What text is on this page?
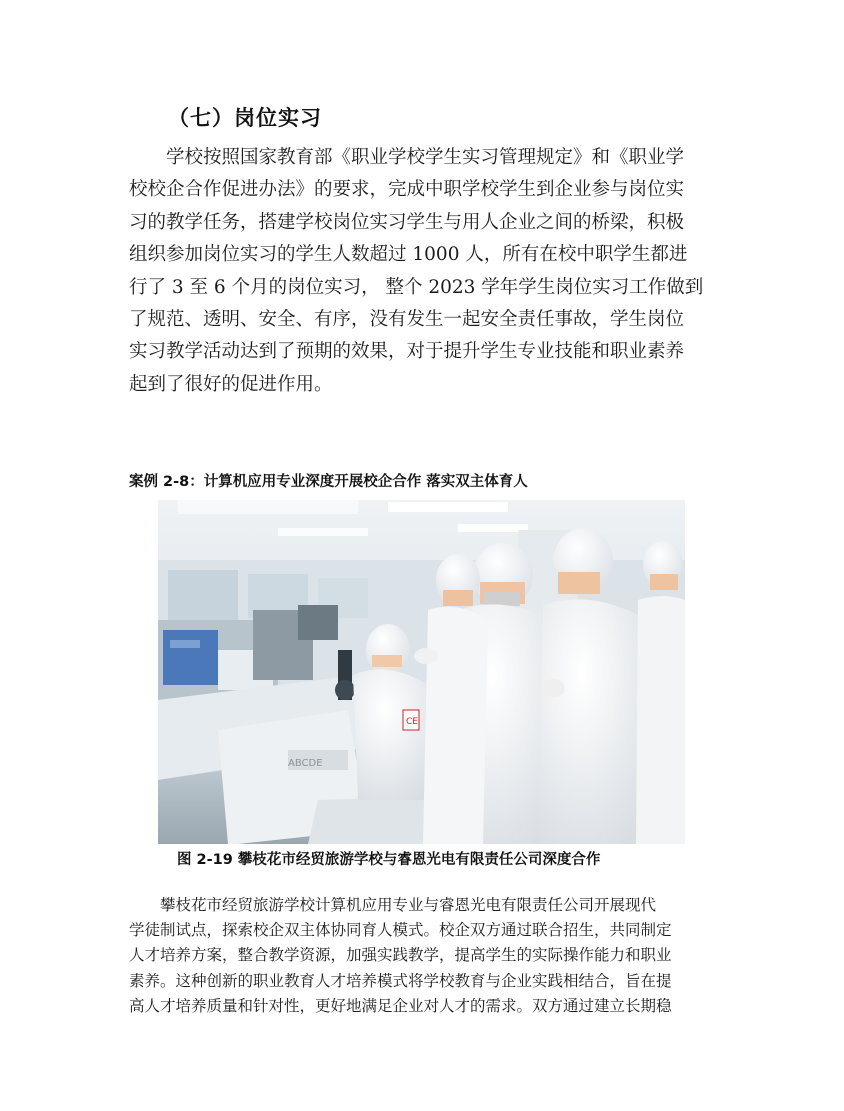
（七）岗位实习
学校按照国家教育部《职业学校学生实习管理规定》和《职业学
校校企合作促进办法》的要求，完成中职学校学生到企业参与岗位实
习的教学任务，搭建学校岗位实习学生与用人企业之间的桥梁，积极
组织参加岗位实习的学生人数超过 1000 人，所有在校中职学生都进
行了 3 至 6 个月的岗位实习， 整个 2023 学年学生岗位实习工作做到
了规范、透明、安全、有序，没有发生一起安全责任事故，学生岗位
实习教学活动达到了预期的效果，对于提升学生专业技能和职业素养
起到了很好的促进作用。
案例 2-8：计算机应用专业深度开展校企合作 落实双主体育人
ABCDE
CE
图 2-19 攀枝花市经贸旅游学校与睿恩光电有限责任公司深度合作
攀枝花市经贸旅游学校计算机应用专业与睿恩光电有限责任公司开展现代
学徒制试点，探索校企双主体协同育人模式。校企双方通过联合招生，共同制定
人才培养方案，整合教学资源，加强实践教学，提高学生的实际操作能力和职业
素养。这种创新的职业教育人才培养模式将学校教育与企业实践相结合，旨在提
高人才培养质量和针对性，更好地满足企业对人才的需求。双方通过建立长期稳
